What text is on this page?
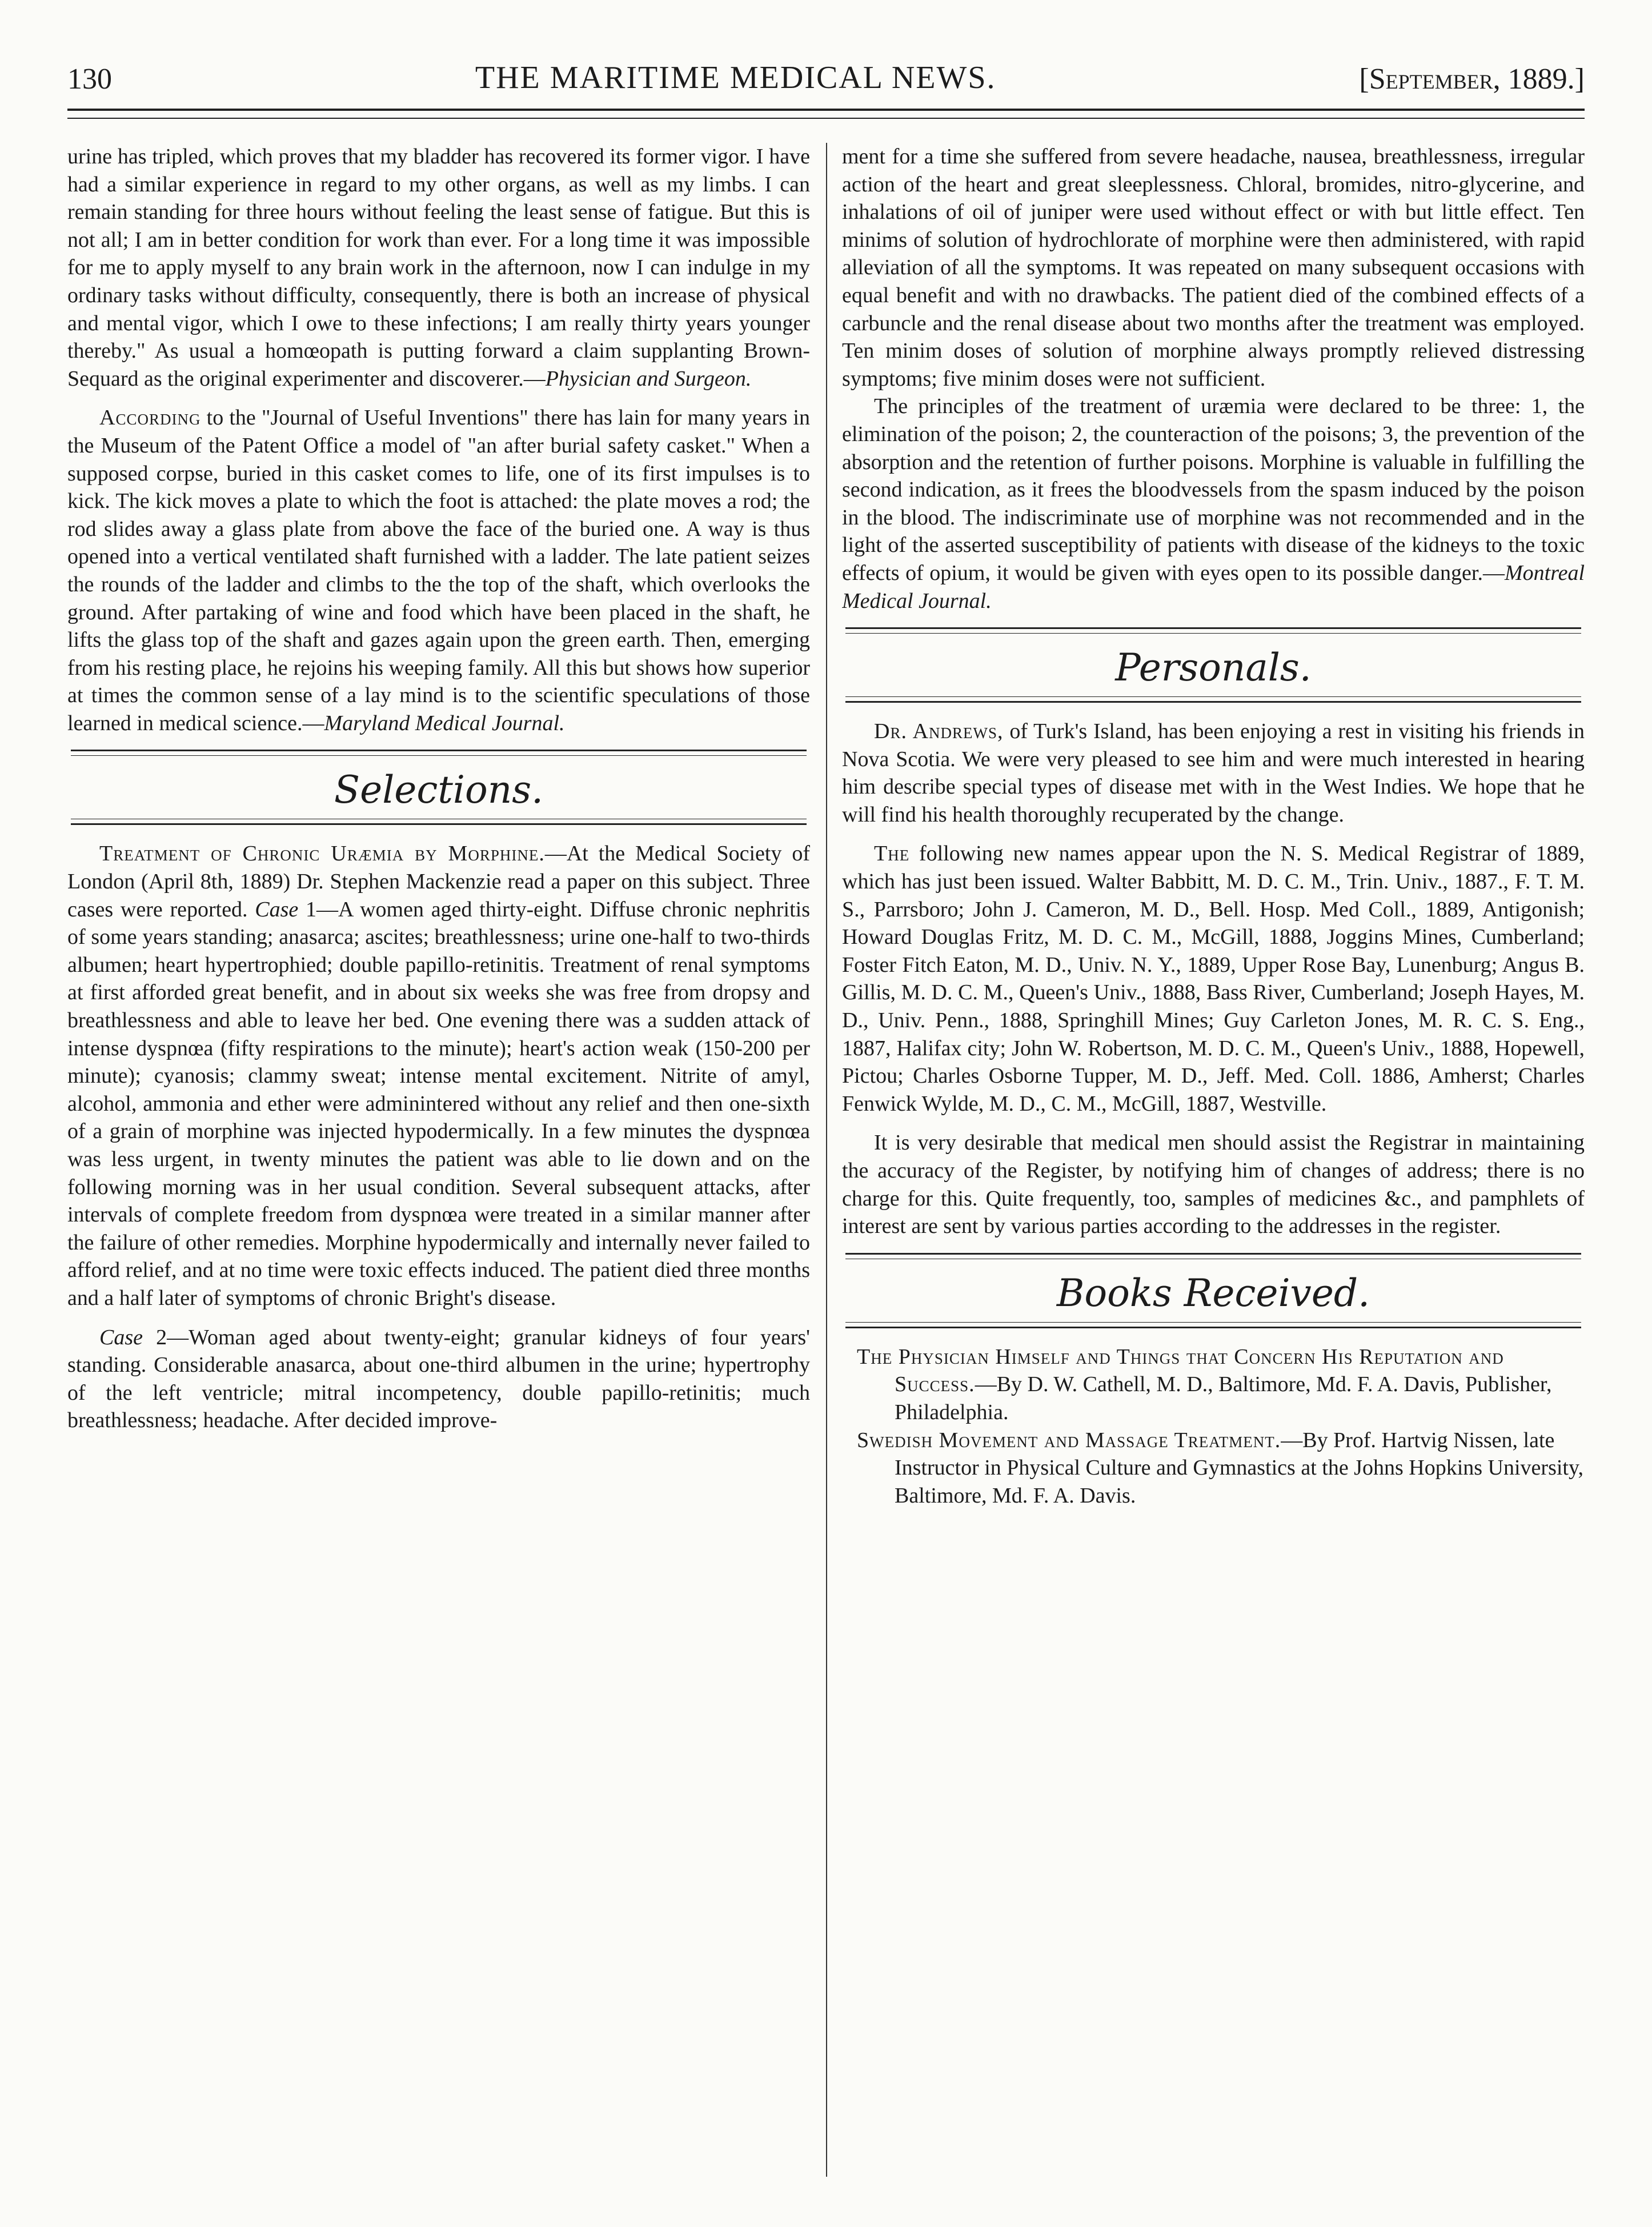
130	THE MARITIME MEDICAL NEWS.	[September, 1889.]

urine has tripled, which proves that my bladder has recovered its former vigor. I have had a similar experience in regard to my other organs, as well as my limbs. I can remain standing for three hours without feeling the least sense of fatigue. But this is not all; I am in better condition for work than ever. For a long time it was impossible for me to apply myself to any brain work in the afternoon, now I can indulge in my ordinary tasks without difficulty, consequently, there is both an increase of physical and mental vigor, which I owe to these infections; I am really thirty years younger thereby." As usual a homœopath is putting forward a claim supplanting Brown-Sequard as the original experimenter and discoverer.—Physician and Surgeon.

According to the "Journal of Useful Inventions" there has lain for many years in the Museum of the Patent Office a model of "an after burial safety casket." When a supposed corpse, buried in this casket comes to life, one of its first impulses is to kick. The kick moves a plate to which the foot is attached: the plate moves a rod; the rod slides away a glass plate from above the face of the buried one. A way is thus opened into a vertical ventilated shaft furnished with a ladder. The late patient seizes the rounds of the ladder and climbs to the the top of the shaft, which overlooks the ground. After partaking of wine and food which have been placed in the shaft, he lifts the glass top of the shaft and gazes again upon the green earth. Then, emerging from his resting place, he rejoins his weeping family. All this but shows how superior at times the common sense of a lay mind is to the scientific speculations of those learned in medical science.—Maryland Medical Journal.

Selections.

Treatment of Chronic Uræmia by Morphine.—At the Medical Society of London (April 8th, 1889) Dr. Stephen Mackenzie read a paper on this subject. Three cases were reported. Case 1—A women aged thirty-eight. Diffuse chronic nephritis of some years standing; anasarca; ascites; breathlessness; urine one-half to two-thirds albumen; heart hypertrophied; double papillo-retinitis. Treatment of renal symptoms at first afforded great benefit, and in about six weeks she was free from dropsy and breathlessness and able to leave her bed. One evening there was a sudden attack of intense dyspnœa (fifty respirations to the minute); heart's action weak (150-200 per minute); cyanosis; clammy sweat; intense mental excitement. Nitrite of amyl, alcohol, ammonia and ether were adminintered without any relief and then one-sixth of a grain of morphine was injected hypodermically. In a few minutes the dyspnœa was less urgent, in twenty minutes the patient was able to lie down and on the following morning was in her usual condition. Several subsequent attacks, after intervals of complete freedom from dyspnœa were treated in a similar manner after the failure of other remedies. Morphine hypodermically and internally never failed to afford relief, and at no time were toxic effects induced. The patient died three months and a half later of symptoms of chronic Bright's disease.

Case 2—Woman aged about twenty-eight; granular kidneys of four years' standing. Considerable anasarca, about one-third albumen in the urine; hypertrophy of the left ventricle; mitral incompetency, double papillo-retinitis; much breathlessness; headache. After decided improve-

ment for a time she suffered from severe headache, nausea, breathlessness, irregular action of the heart and great sleeplessness. Chloral, bromides, nitro-glycerine, and inhalations of oil of juniper were used without effect or with but little effect. Ten minims of solution of hydrochlorate of morphine were then administered, with rapid alleviation of all the symptoms. It was repeated on many subsequent occasions with equal benefit and with no drawbacks. The patient died of the combined effects of a carbuncle and the renal disease about two months after the treatment was employed. Ten minim doses of solution of morphine always promptly relieved distressing symptoms; five minim doses were not sufficient.

The principles of the treatment of uræmia were declared to be three: 1, the elimination of the poison; 2, the counteraction of the poisons; 3, the prevention of the absorption and the retention of further poisons. Morphine is valuable in fulfilling the second indication, as it frees the bloodvessels from the spasm induced by the poison in the blood. The indiscriminate use of morphine was not recommended and in the light of the asserted susceptibility of patients with disease of the kidneys to the toxic effects of opium, it would be given with eyes open to its possible danger.—Montreal Medical Journal.

Personals.

Dr. Andrews, of Turk's Island, has been enjoying a rest in visiting his friends in Nova Scotia. We were very pleased to see him and were much interested in hearing him describe special types of disease met with in the West Indies. We hope that he will find his health thoroughly recuperated by the change.

The following new names appear upon the N. S. Medical Registrar of 1889, which has just been issued. Walter Babbitt, M. D. C. M., Trin. Univ., 1887., F. T. M. S., Parrsboro; John J. Cameron, M. D., Bell. Hosp. Med Coll., 1889, Antigonish; Howard Douglas Fritz, M. D. C. M., McGill, 1888, Joggins Mines, Cumberland; Foster Fitch Eaton, M. D., Univ. N. Y., 1889, Upper Rose Bay, Lunenburg; Angus B. Gillis, M. D. C. M., Queen's Univ., 1888, Bass River, Cumberland; Joseph Hayes, M. D., Univ. Penn., 1888, Springhill Mines; Guy Carleton Jones, M. R. C. S. Eng., 1887, Halifax city; John W. Robertson, M. D. C. M., Queen's Univ., 1888, Hopewell, Pictou; Charles Osborne Tupper, M. D., Jeff. Med. Coll. 1886, Amherst; Charles Fenwick Wylde, M. D., C. M., McGill, 1887, Westville.

It is very desirable that medical men should assist the Registrar in maintaining the accuracy of the Register, by notifying him of changes of address; there is no charge for this. Quite frequently, too, samples of medicines &c., and pamphlets of interest are sent by various parties according to the addresses in the register.

Books Received.

The Physician Himself and Things that Concern His Reputation and Success.—By D. W. Cathell, M. D., Baltimore, Md. F. A. Davis, Publisher, Philadelphia.

Swedish Movement and Massage Treatment.—By Prof. Hartvig Nissen, late Instructor in Physical Culture and Gymnastics at the Johns Hopkins University, Baltimore, Md. F. A. Davis.
